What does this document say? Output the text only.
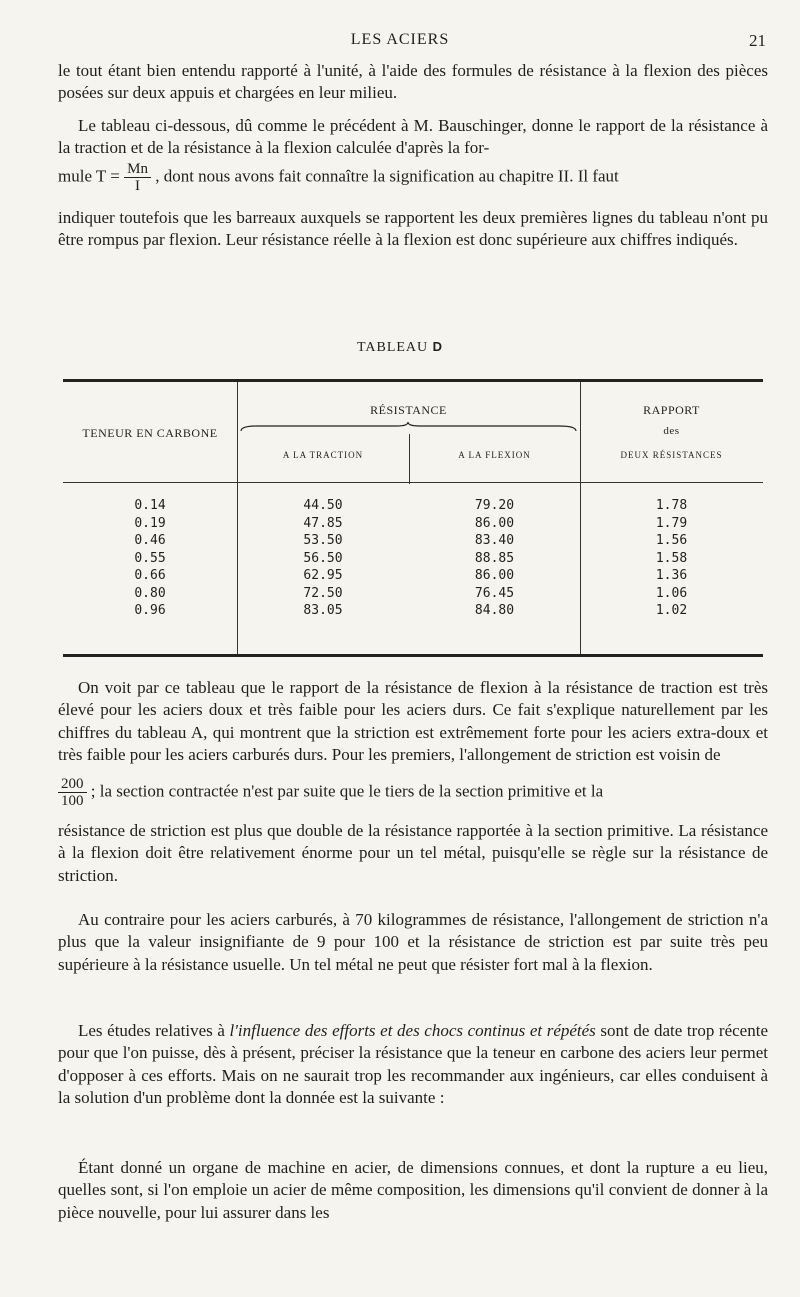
LES ACIERS	21

le tout étant bien entendu rapporté à l'unité, à l'aide des formules de résistance à la flexion des pièces posées sur deux appuis et chargées en leur milieu.

Le tableau ci-dessous, dû comme le précédent à M. Bauschinger, donne le rapport de la résistance à la traction et de la résistance à la flexion calculée d'après la for-

mule $T = \frac{Mn}{I}$ , dont nous avons fait connaître la signification au chapitre II. Il faut

indiquer toutefois que les barreaux auxquels se rapportent les deux premières lignes du tableau n'ont pu être rompus par flexion. Leur résistance réelle à la flexion est donc supérieure aux chiffres indiqués.

TABLEAU D
TENEUR EN CARBONE
RÉSISTANCE
A LA TRACTION	A LA FLEXION
RAPPORT
des
DEUX RÉSISTANCES
0.14
0.19
0.46
0.55
0.66
0.80
0.96
44.50
47.85
53.50
56.50
62.95
72.50
83.05
79.20
86.00
83.40
88.85
86.00
76.45
84.80
1.78
1.79
1.56
1.58
1.36
1.06
1.02

On voit par ce tableau que le rapport de la résistance de flexion à la résistance de traction est très élevé pour les aciers doux et très faible pour les aciers durs. Ce fait s'explique naturellement par les chiffres du tableau A, qui montrent que la striction est extrêmement forte pour les aciers extra-doux et très faible pour les aciers carburés durs. Pour les premiers, l'allongement de striction est voisin de

$\frac{200}{100}$ ; la section contractée n'est par suite que le tiers de la section primitive et la

résistance de striction est plus que double de la résistance rapportée à la section primitive. La résistance à la flexion doit être relativement énorme pour un tel métal, puisqu'elle se règle sur la résistance de striction.

Au contraire pour les aciers carburés, à 70 kilogrammes de résistance, l'allongement de striction n'a plus que la valeur insignifiante de 9 pour 100 et la résistance de striction est par suite très peu supérieure à la résistance usuelle. Un tel métal ne peut que résister fort mal à la flexion.

Les études relatives à l'influence des efforts et des chocs continus et répétés sont de date trop récente pour que l'on puisse, dès à présent, préciser la résistance que la teneur en carbone des aciers leur permet d'opposer à ces efforts. Mais on ne saurait trop les recommander aux ingénieurs, car elles conduisent à la solution d'un problème dont la donnée est la suivante :

Étant donné un organe de machine en acier, de dimensions connues, et dont la rupture a eu lieu, quelles sont, si l'on emploie un acier de même composition, les dimensions qu'il convient de donner à la pièce nouvelle, pour lui assurer dans les
